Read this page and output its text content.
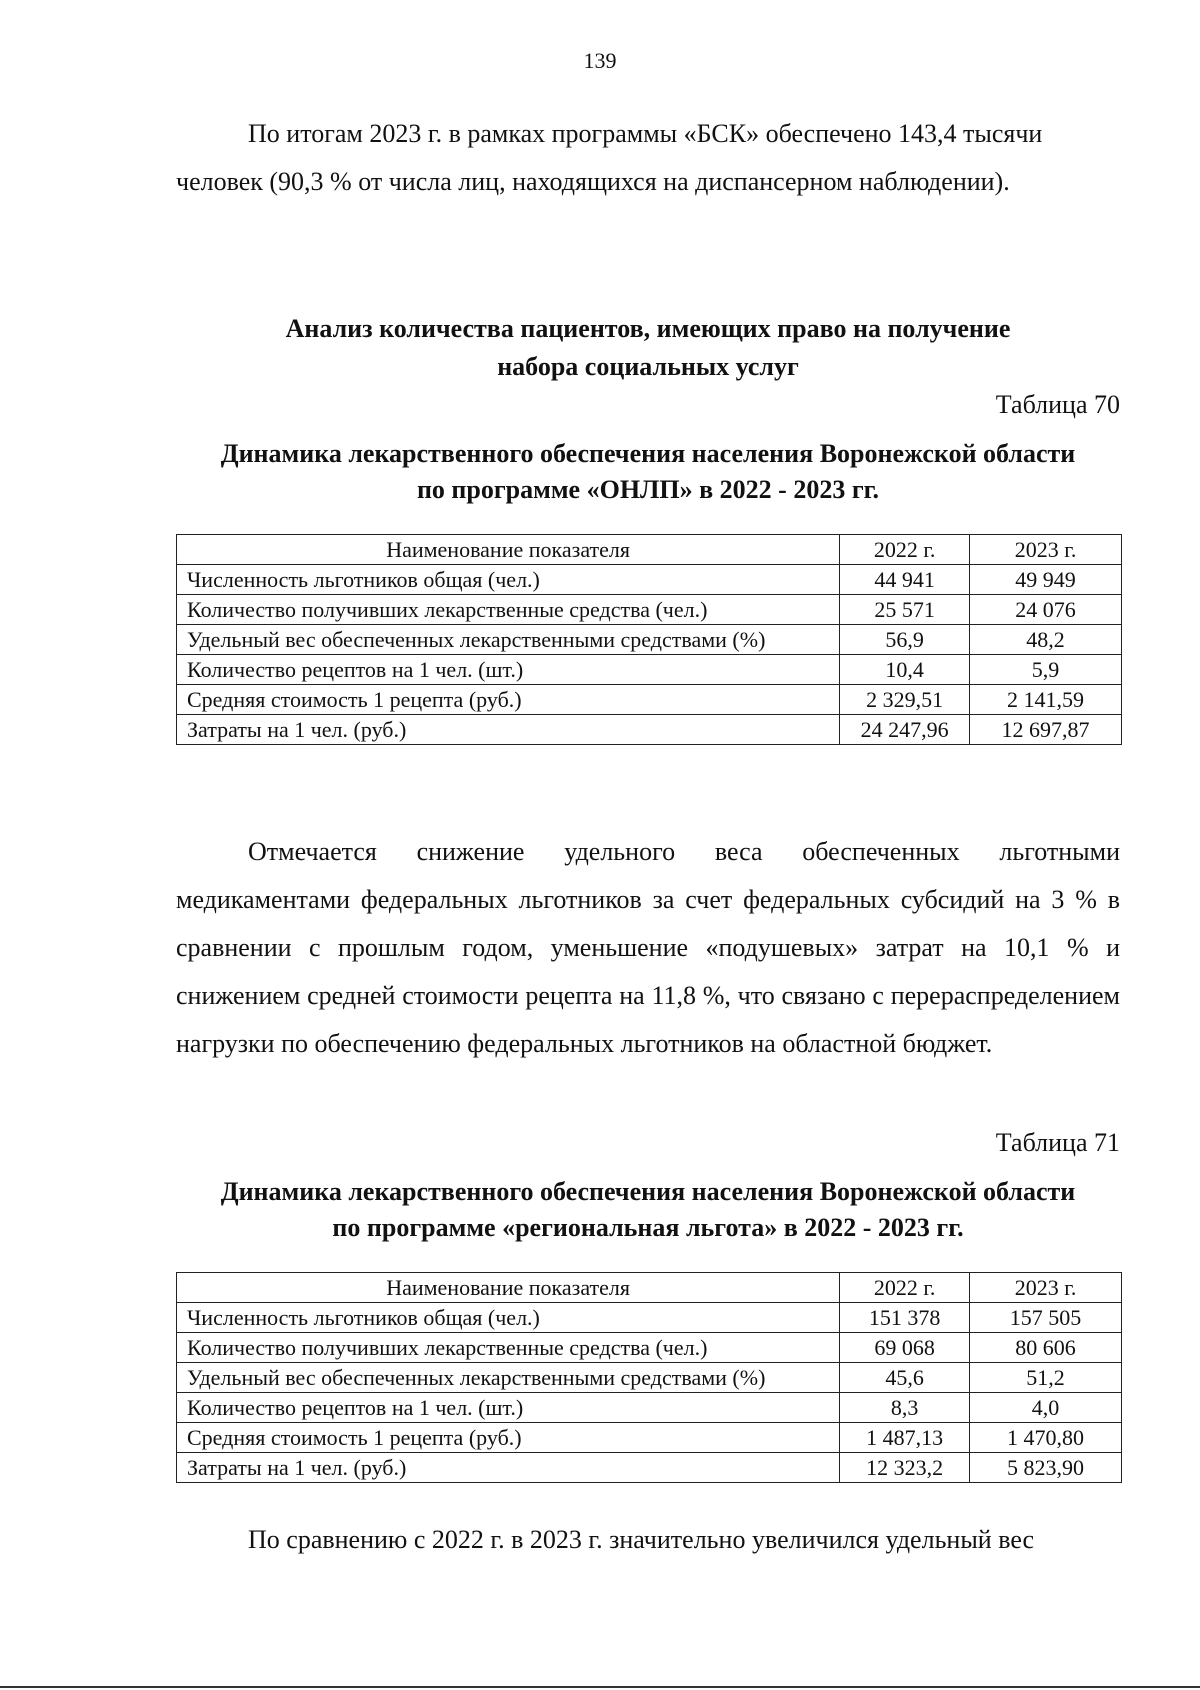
139

По итогам 2023 г. в рамках программы «БСК» обеспечено 143,4 тысячи человек (90,3 % от числа лиц, находящихся на диспансерном наблюдении).

Анализ количества пациентов, имеющих право на получение
набора социальных услуг
Таблица 70
Динамика лекарственного обеспечения населения Воронежской области
по программе «ОНЛП» в 2022 - 2023 гг.
Наименование показателя	2022 г.	2023 г.
Численность льготников общая (чел.)	44 941	49 949
Количество получивших лекарственные средства (чел.)	25 571	24 076
Удельный вес обеспеченных лекарственными средствами (%)	56,9	48,2
Количество рецептов на 1 чел. (шт.)	10,4	5,9
Средняя стоимость 1 рецепта (руб.)	2 329,51	2 141,59
Затраты на 1 чел. (руб.)	24 247,96	12 697,87

Отмечается снижение удельного веса обеспеченных льготными медикаментами федеральных льготников за счет федеральных субсидий на 3 % в сравнении с прошлым годом, уменьшение «подушевых» затрат на 10,1 % и снижением средней стоимости рецепта на 11,8 %, что связано с перераспределением нагрузки по обеспечению федеральных льготников на областной бюджет.

Таблица 71
Динамика лекарственного обеспечения населения Воронежской области
по программе «региональная льгота» в 2022 - 2023 гг.
Наименование показателя	2022 г.	2023 г.
Численность льготников общая (чел.)	151 378	157 505
Количество получивших лекарственные средства (чел.)	69 068	80 606
Удельный вес обеспеченных лекарственными средствами (%)	45,6	51,2
Количество рецептов на 1 чел. (шт.)	8,3	4,0
Средняя стоимость 1 рецепта (руб.)	1 487,13	1 470,80
Затраты на 1 чел. (руб.)	12 323,2	5 823,90

По сравнению с 2022 г. в 2023 г. значительно увеличился удельный вес
